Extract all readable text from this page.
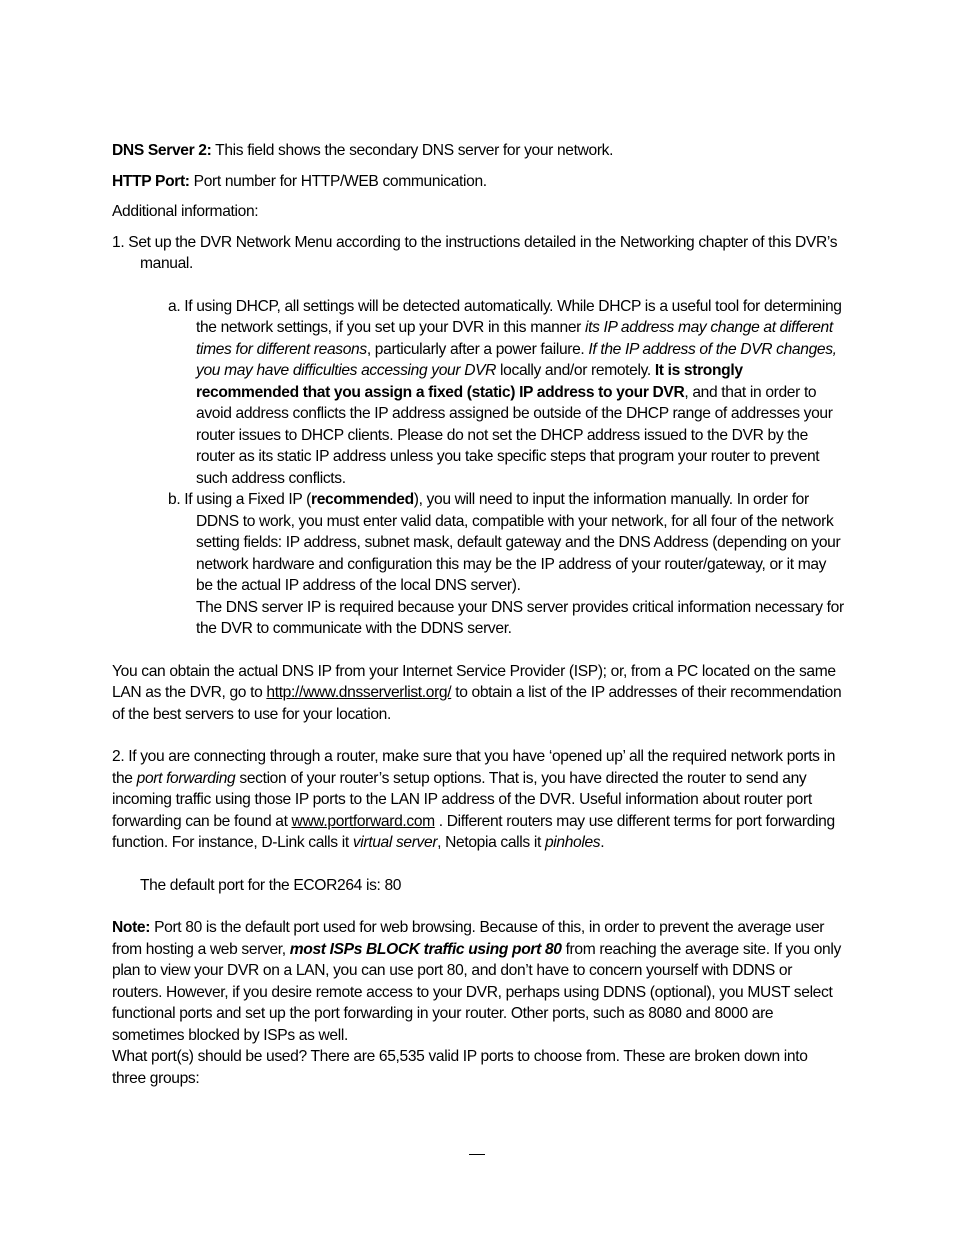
DNS Server 2: This field shows the secondary DNS server for your network.

HTTP Port: Port number for HTTP/WEB communication.

Additional information:

1. Set up the DVR Network Menu according to the instructions detailed in the Networking chapter of this DVR’s manual.

a. If using DHCP, all settings will be detected automatically. While DHCP is a useful tool for determining the network settings, if you set up your DVR in this manner its IP address may change at different times for different reasons, particularly after a power failure. If the IP address of the DVR changes, you may have difficulties accessing your DVR locally and/or remotely. It is strongly recommended that you assign a fixed (static) IP address to your DVR, and that in order to avoid address conflicts the IP address assigned be outside of the DHCP range of addresses your router issues to DHCP clients. Please do not set the DHCP address issued to the DVR by the router as its static IP address unless you take specific steps that program your router to prevent such address conflicts.

b. If using a Fixed IP (recommended), you will need to input the information manually. In order for DDNS to work, you must enter valid data, compatible with your network, for all four of the network setting fields: IP address, subnet mask, default gateway and the DNS Address (depending on your network hardware and configuration this may be the IP address of your router/gateway, or it may be the actual IP address of the local DNS server).

The DNS server IP is required because your DNS server provides critical information necessary for the DVR to communicate with the DDNS server.

You can obtain the actual DNS IP from your Internet Service Provider (ISP); or, from a PC located on the same LAN as the DVR, go to http://www.dnsserverlist.org/ to obtain a list of the IP addresses of their recommendation of the best servers to use for your location.

2. If you are connecting through a router, make sure that you have ‘opened up’ all the required network ports in the port forwarding section of your router’s setup options. That is, you have directed the router to send any incoming traffic using those IP ports to the LAN IP address of the DVR. Useful information about router port forwarding can be found at www.portforward.com . Different routers may use different terms for port forwarding function. For instance, D-Link calls it virtual server, Netopia calls it pinholes.

The default port for the ECOR264 is: 80

Note: Port 80 is the default port used for web browsing. Because of this, in order to prevent the average user from hosting a web server, most ISPs BLOCK traffic using port 80 from reaching the average site. If you only plan to view your DVR on a LAN, you can use port 80, and don’t have to concern yourself with DDNS or routers. However, if you desire remote access to your DVR, perhaps using DDNS (optional), you MUST select functional ports and set up the port forwarding in your router. Other ports, such as 8080 and 8000 are sometimes blocked by ISPs as well.

What port(s) should be used? There are 65,535 valid IP ports to choose from. These are broken down into three groups:
